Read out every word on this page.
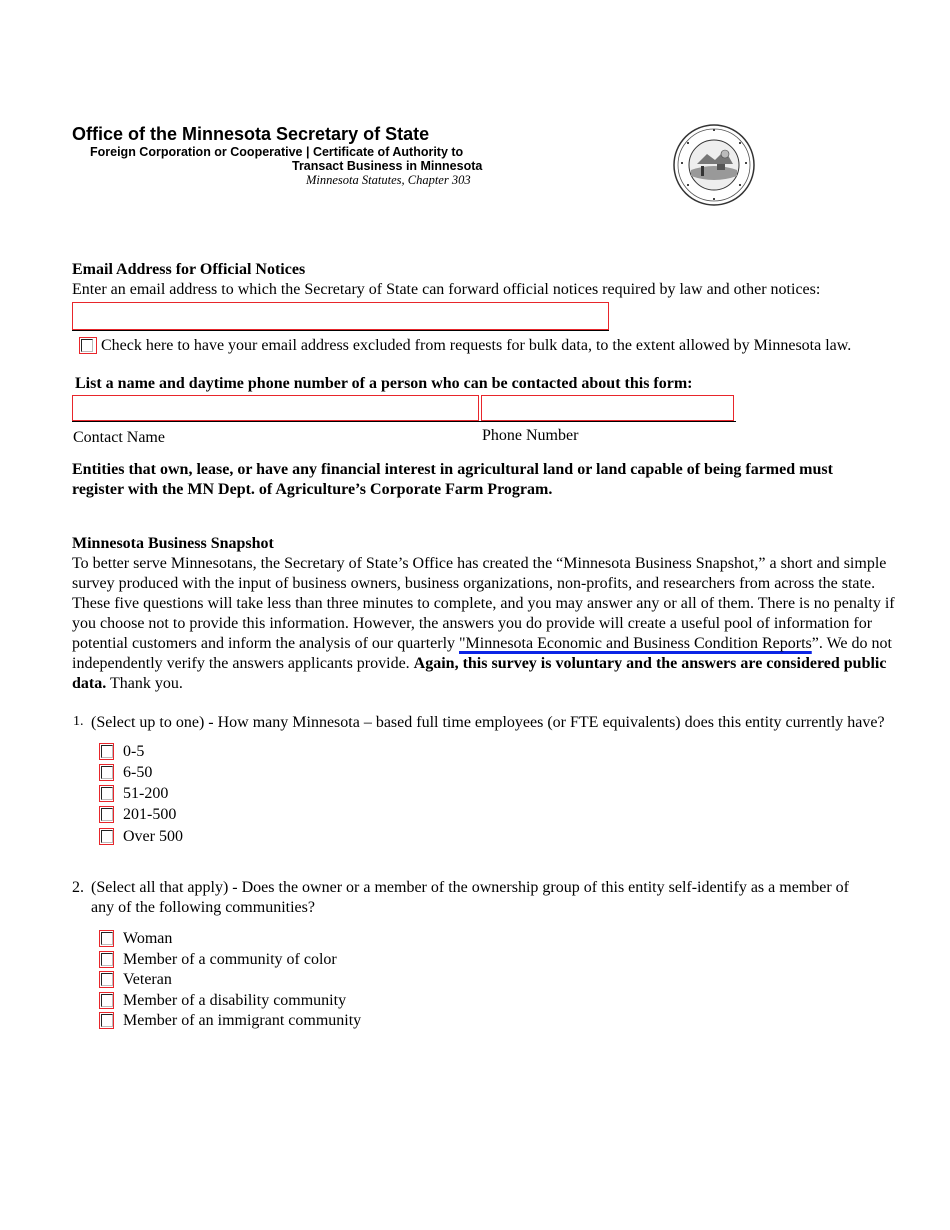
Office of the Minnesota Secretary of State
Foreign Corporation or Cooperative | Certificate of Authority to
Transact Business in Minnesota
Minnesota Statutes, Chapter 303
Email Address for Official Notices
Enter an email address to which the Secretary of State can forward official notices required by law and other notices:
Check here to have your email address excluded from requests for bulk data, to the extent allowed by Minnesota law.
List a name and daytime phone number of a person who can be contacted about this form:
Contact Name	Phone Number
Entities that own, lease, or have any financial interest in agricultural land or land capable of being farmed must
register with the MN Dept. of Agriculture’s Corporate Farm Program.
Minnesota Business Snapshot
To better serve Minnesotans, the Secretary of State’s Office has created the “Minnesota Business Snapshot,” a short and simple
survey produced with the input of business owners, business organizations, non-profits, and researchers from across the state.
These five questions will take less than three minutes to complete, and you may answer any or all of them. There is no penalty if
you choose not to provide this information. However, the answers you do provide will create a useful pool of information for
potential customers and inform the analysis of our quarterly "Minnesota Economic and Business Condition Reports”. We do not
independently verify the answers applicants provide. Again, this survey is voluntary and the answers are considered public
data. Thank you.
1. (Select up to one) - How many Minnesota – based full time employees (or FTE equivalents) does this entity currently have?
0-5
6-50
51-200
201-500
Over 500
2. (Select all that apply) - Does the owner or a member of the ownership group of this entity self-identify as a member of
any of the following communities?
Woman
Member of a community of color
Veteran
Member of a disability community
Member of an immigrant community
